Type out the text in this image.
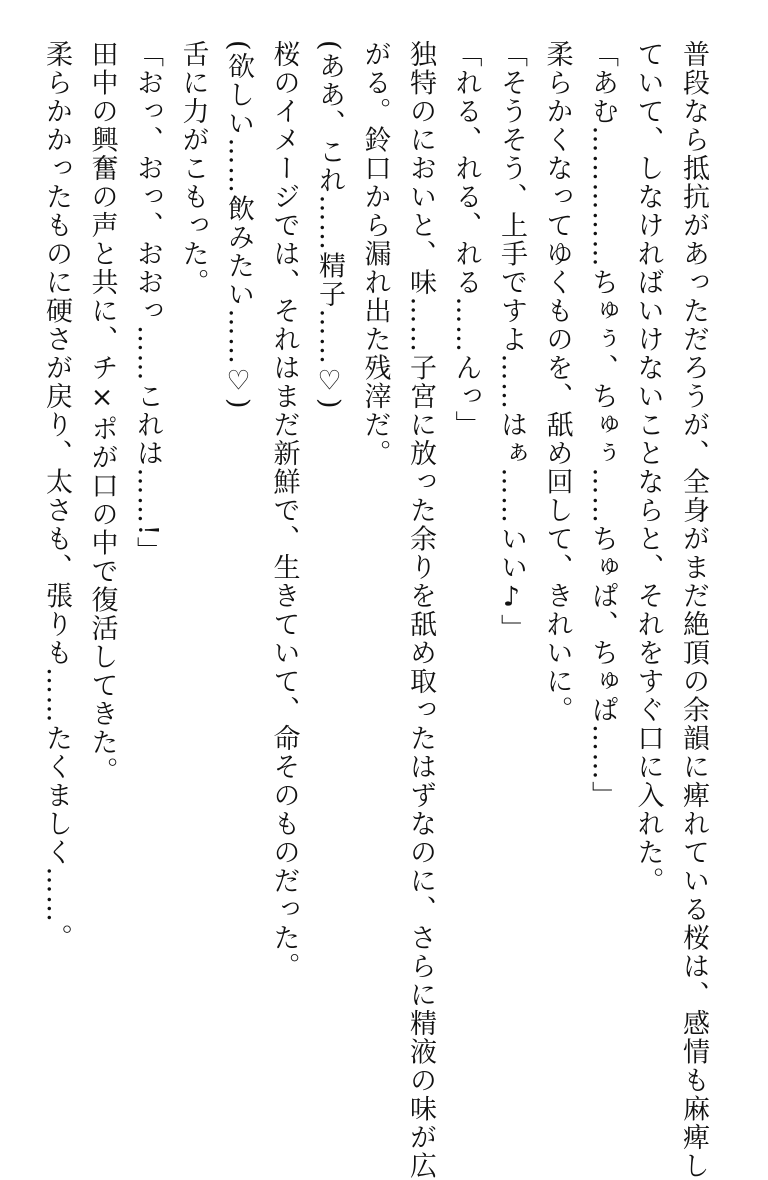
普段なら抵抗があっただろうが、全身がまだ絶頂の余韻に痺れている桜は、感情も麻痺し

ていて、しなければいけないことならと、それをすぐ口に入れた。

「あむ……………ちゅぅ、ちゅぅ……ちゅぱ、ちゅぱ……」

柔らかくなってゆくものを、舐め回して、きれいに。

「そうそう、上手ですよ……はぁ……いい♪」

「れる、れる、れる……んっ」

独特のにおいと、味……子宮に放った余りを舐め取ったはずなのに、さらに精液の味が広

がる。鈴口から漏れ出た残滓だ。

(ああ、これ……精子……♡)

桜のイメージでは、それはまだ新鮮で、生きていて、命そのものだった。

(欲しい……飲みたい……♡)

舌に力がこもった。

「おっ、おっ、おおっ……これは……!」

田中の興奮の声と共に、チ×ポが口の中で復活してきた。

柔らかかったものに硬さが戻り、太さも、張りも……たくましく……。
